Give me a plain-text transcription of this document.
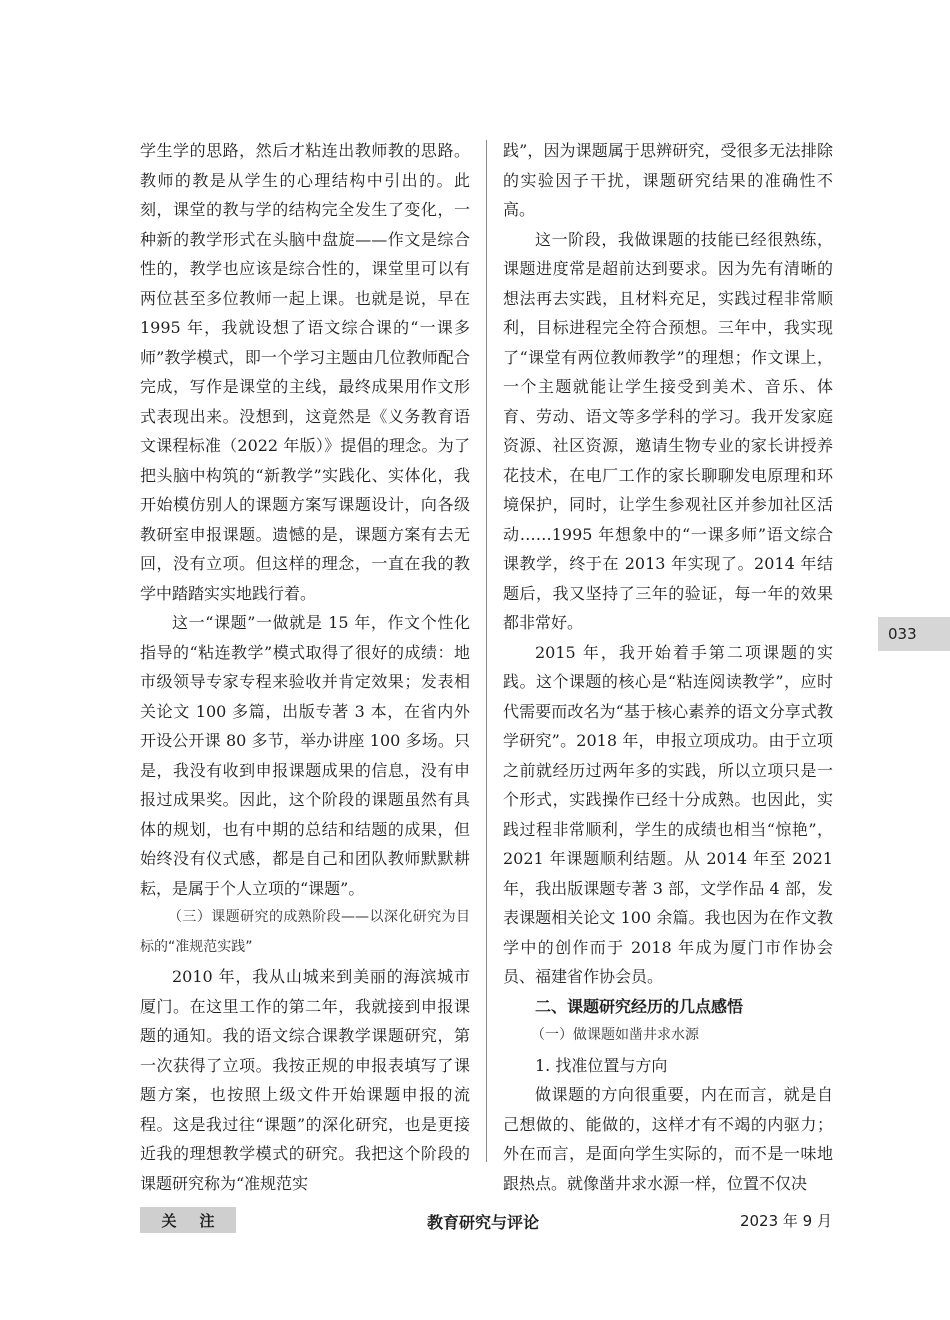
学生学的思路，然后才粘连出教师教的思路。教师的教是从学生的心理结构中引出的。此刻，课堂的教与学的结构完全发生了变化，一种新的教学形式在头脑中盘旋——作文是综合性的，教学也应该是综合性的，课堂里可以有两位甚至多位教师一起上课。也就是说，早在 1995 年，我就设想了语文综合课的“一课多师”教学模式，即一个学习主题由几位教师配合完成，写作是课堂的主线，最终成果用作文形式表现出来。没想到，这竟然是《义务教育语文课程标准（2022 年版）》提倡的理念。为了把头脑中构筑的“新教学”实践化、实体化，我开始模仿别人的课题方案写课题设计，向各级教研室申报课题。遗憾的是，课题方案有去无回，没有立项。但这样的理念，一直在我的教学中踏踏实实地践行着。

这一“课题”一做就是 15 年，作文个性化指导的“粘连教学”模式取得了很好的成绩：地市级领导专家专程来验收并肯定效果；发表相关论文 100 多篇，出版专著 3 本，在省内外开设公开课 80 多节，举办讲座 100 多场。只是，我没有收到申报课题成果的信息，没有申报过成果奖。因此，这个阶段的课题虽然有具体的规划，也有中期的总结和结题的成果，但始终没有仪式感，都是自己和团队教师默默耕耘，是属于个人立项的“课题”。

（三）课题研究的成熟阶段——以深化研究为目标的“准规范实践”

2010 年，我从山城来到美丽的海滨城市厦门。在这里工作的第二年，我就接到申报课题的通知。我的语文综合课教学课题研究，第一次获得了立项。我按正规的申报表填写了课题方案，也按照上级文件开始课题申报的流程。这是我过往“课题”的深化研究，也是更接近我的理想教学模式的研究。我把这个阶段的课题研究称为“准规范实

践”，因为课题属于思辨研究，受很多无法排除的实验因子干扰，课题研究结果的准确性不高。

这一阶段，我做课题的技能已经很熟练，课题进度常是超前达到要求。因为先有清晰的想法再去实践，且材料充足，实践过程非常顺利，目标进程完全符合预想。三年中，我实现了“课堂有两位教师教学”的理想；作文课上，一个主题就能让学生接受到美术、音乐、体育、劳动、语文等多学科的学习。我开发家庭资源、社区资源，邀请生物专业的家长讲授养花技术，在电厂工作的家长聊聊发电原理和环境保护，同时，让学生参观社区并参加社区活动……1995 年想象中的“一课多师”语文综合课教学，终于在 2013 年实现了。2014 年结题后，我又坚持了三年的验证，每一年的效果都非常好。

2015 年，我开始着手第二项课题的实践。这个课题的核心是“粘连阅读教学”，应时代需要而改名为“基于核心素养的语文分享式教学研究”。2018 年，申报立项成功。由于立项之前就经历过两年多的实践，所以立项只是一个形式，实践操作已经十分成熟。也因此，实践过程非常顺利，学生的成绩也相当“惊艳”，2021 年课题顺利结题。从 2014 年至 2021 年，我出版课题专著 3 部，文学作品 4 部，发表课题相关论文 100 余篇。我也因为在作文教学中的创作而于 2018 年成为厦门市作协会员、福建省作协会员。

二、课题研究经历的几点感悟

（一）做课题如凿井求水源

1. 找准位置与方向

做课题的方向很重要，内在而言，就是自己想做的、能做的，这样才有不竭的内驱力；外在而言，是面向学生实际的，而不是一味地跟热点。就像凿井求水源一样，位置不仅决

033
关 注	教育研究与评论	2023 年 9 月
